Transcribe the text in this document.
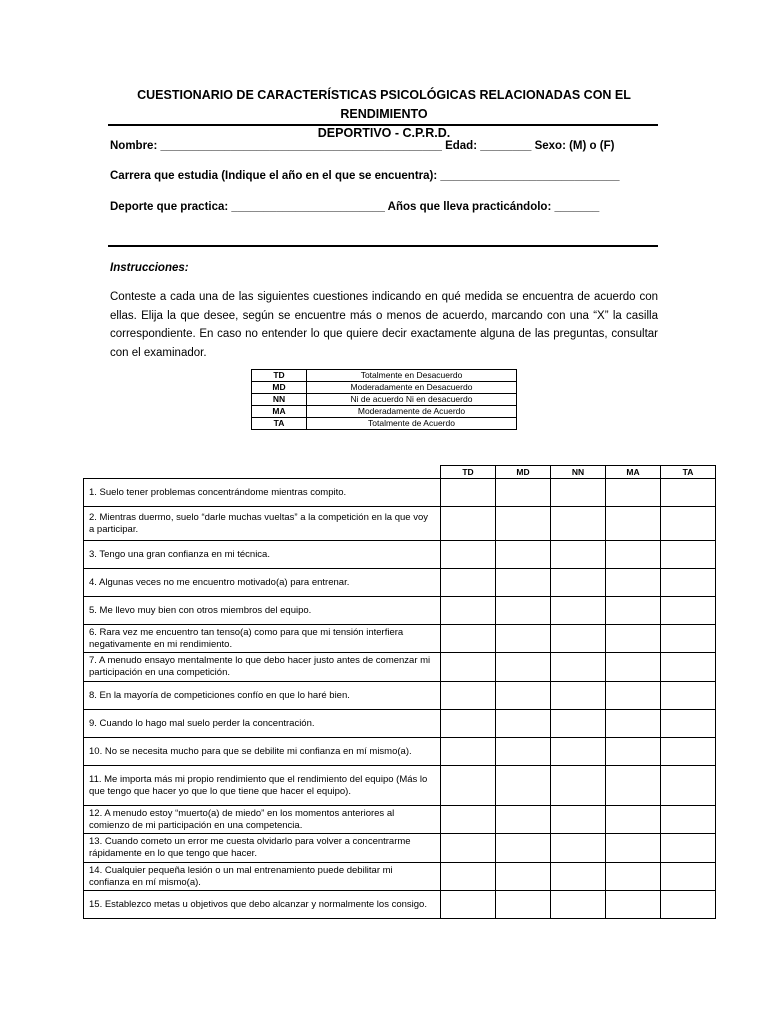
CUESTIONARIO DE CARACTERÍSTICAS PSICOLÓGICAS RELACIONADAS CON EL RENDIMIENTO
DEPORTIVO - C.P.R.D.
Nombre: ____________________________________________ Edad: ________ Sexo: (M) o (F)
Carrera que estudia (Indique el año en el que se encuentra): ____________________________
Deporte que practica: ________________________ Años que lleva practicándolo: _______
Instrucciones:
Conteste a cada una de las siguientes cuestiones indicando en qué medida se encuentra de acuerdo con ellas. Elija la que desee, según se encuentre más o menos de acuerdo, marcando con una “X” la casilla correspondiente. En caso no entender lo que quiere decir exactamente alguna de las preguntas, consultar con el examinador.
TD	Totalmente en Desacuerdo
MD	Moderadamente en Desacuerdo
NN	Ni de acuerdo Ni en desacuerdo
MA	Moderadamente de Acuerdo
TA	Totalmente de Acuerdo
	TD	MD	NN	MA	TA
1. Suelo tener problemas concentrándome mientras compito.					
2. Mientras duermo, suelo “darle muchas vueltas” a la competición en la que voy a participar.					
3. Tengo una gran confianza en mi técnica.					
4. Algunas veces no me encuentro motivado(a) para entrenar.					
5. Me llevo muy bien con otros miembros del equipo.					
6. Rara vez me encuentro tan tenso(a) como para que mi tensión interfiera negativamente en mi rendimiento.					
7. A menudo ensayo mentalmente lo que debo hacer justo antes de comenzar mi participación en una competición.					
8. En la mayoría de competiciones confío en que lo haré bien.					
9. Cuando lo hago mal suelo perder la concentración.					
10. No se necesita mucho para que se debilite mi confianza en mí mismo(a).					
11. Me importa más mi propio rendimiento que el rendimiento del equipo (Más lo que tengo que hacer yo que lo que tiene que hacer el equipo).					
12. A menudo estoy “muerto(a) de miedo” en los momentos anteriores al comienzo de mi participación en una competencia.					
13. Cuando cometo un error me cuesta olvidarlo para volver a concentrarme rápidamente en lo que tengo que hacer.					
14. Cualquier pequeña lesión o un mal entrenamiento puede debilitar mi confianza en mí mismo(a).					
15. Establezco metas u objetivos que debo alcanzar y normalmente los consigo.					
